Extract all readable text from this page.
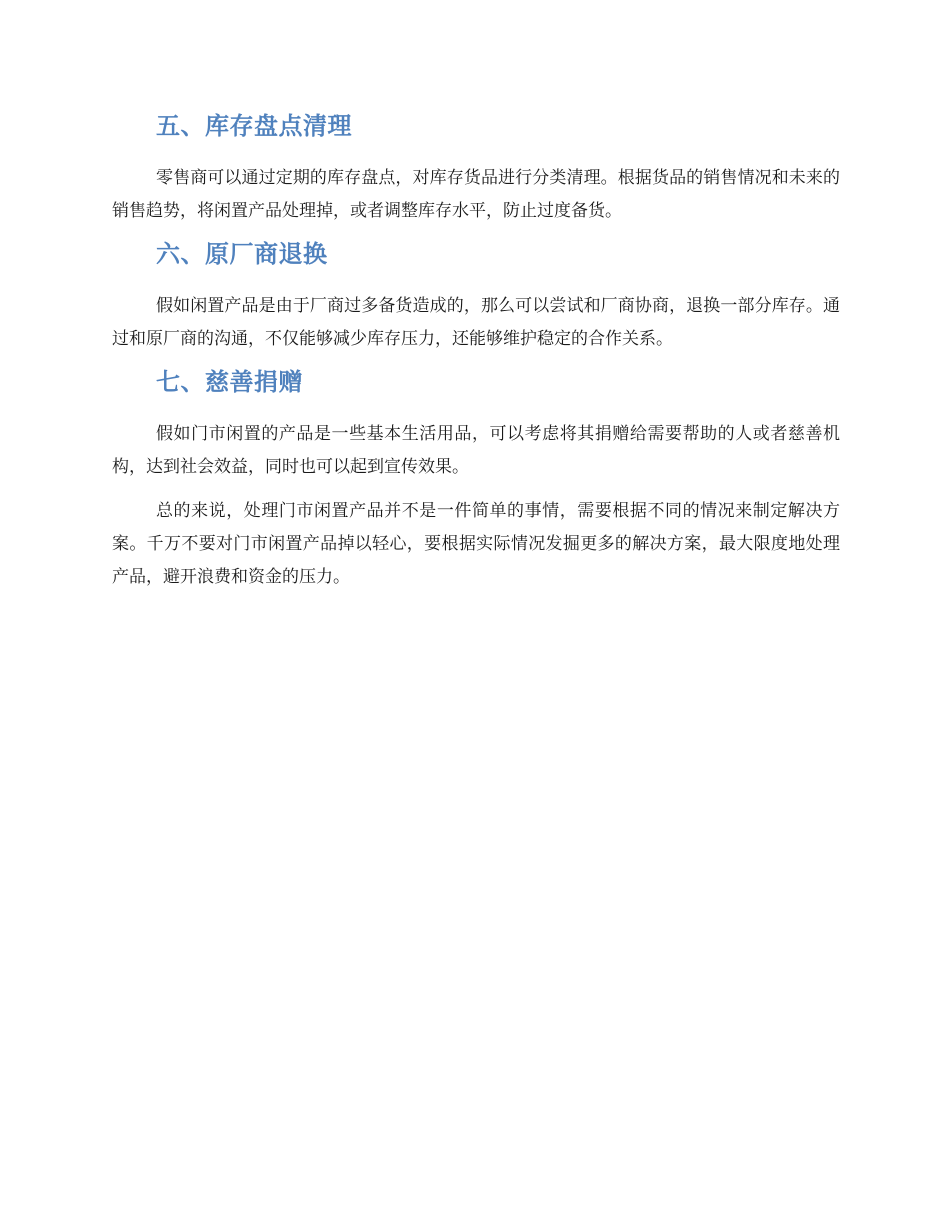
五、库存盘点清理

零售商可以通过定期的库存盘点，对库存货品进行分类清理。根据货品的销售情况和未来的销售趋势，将闲置产品处理掉，或者调整库存水平，防止过度备货。

六、原厂商退换

假如闲置产品是由于厂商过多备货造成的，那么可以尝试和厂商协商，退换一部分库存。通过和原厂商的沟通，不仅能够减少库存压力，还能够维护稳定的合作关系。

七、慈善捐赠

假如门市闲置的产品是一些基本生活用品，可以考虑将其捐赠给需要帮助的人或者慈善机构，达到社会效益，同时也可以起到宣传效果。

总的来说，处理门市闲置产品并不是一件简单的事情，需要根据不同的情况来制定解决方案。千万不要对门市闲置产品掉以轻心，要根据实际情况发掘更多的解决方案，最大限度地处理产品，避开浪费和资金的压力。
